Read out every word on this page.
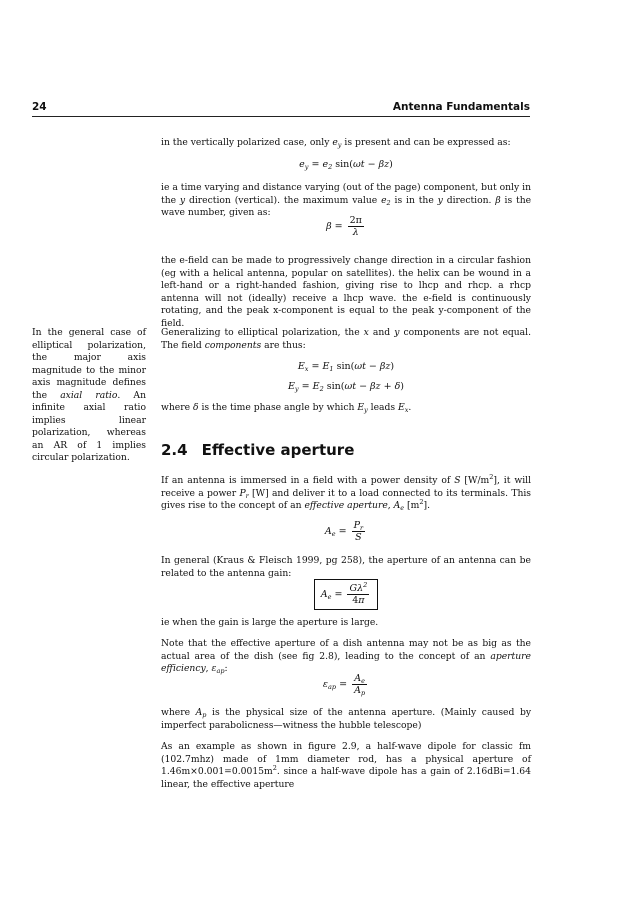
24	Antenna Fundamentals
In the general case of elliptical polarization, the major axis magnitude to the minor axis magnitude defines the axial ratio. An infinite axial ratio implies linear polarization, whereas an AR of 1 implies circular polarization.
in the vertically polarized case, only $e_y$ is present and can be expressed as:
$e_y = e_2$ sin(ωt − βz)
ie a time varying and distance varying (out of the page) component, but only in the y direction (vertical). the maximum value $e_2$ is in the y direction. β is the wave number, given as:
$\beta = \frac{2\pi}{\lambda}$

the e-field can be made to progressively change direction in a circular fashion (eg with a helical antenna, popular on satellites). the helix can be wound in a left-hand or a right-handed fashion, giving rise to lhcp and rhcp. a rhcp antenna will not (ideally) receive a lhcp wave. the e-field is continuously rotating, and the peak x-component is equal to the peak y-component of the field.

Generalizing to elliptical polarization, the x and y components are not equal. The field components are thus:
$E_x = E_1$ sin(ωt − βz)
$E_y = E_2$ sin(ωt − βz + δ)
where δ is the time phase angle by which $E_y$ leads $E_x$.
2.4 Effective aperture
If an antenna is immersed in a field with a power density of S $[W/m^2]$, it will receive a power $P_r$ [W] and deliver it to a load connected to its terminals. This gives rise to the concept of an effective aperture, $A_e$ $[m^2]$.
$A_e = \frac{P_r}{S}$

In general (Kraus & Fleisch 1999, pg 258), the aperture of an antenna can be related to the antenna gain:

$A_e = \frac{G\lambda^2}{4\pi}$

ie when the gain is large the aperture is large.

Note that the effective aperture of a dish antenna may not be as big as the actual area of the dish (see fig 2.8), leading to the concept of an aperture efficiency, $\varepsilon_{ap}$:
$\varepsilon_{ap} = \frac{A_e}{A_p}$
where $A_p$ is the physical size of the antenna aperture. (Mainly caused by imperfect parabolicness—witness the hubble telescope)
As an example as shown in figure 2.9, a half-wave dipole for classic fm (102.7mhz) made of 1mm diameter rod, has a physical aperture of $1.46m\times 0.001=0.0015m^2$. since a half-wave dipole has a gain of 2.16dBi=1.64 linear, the effective aperture
